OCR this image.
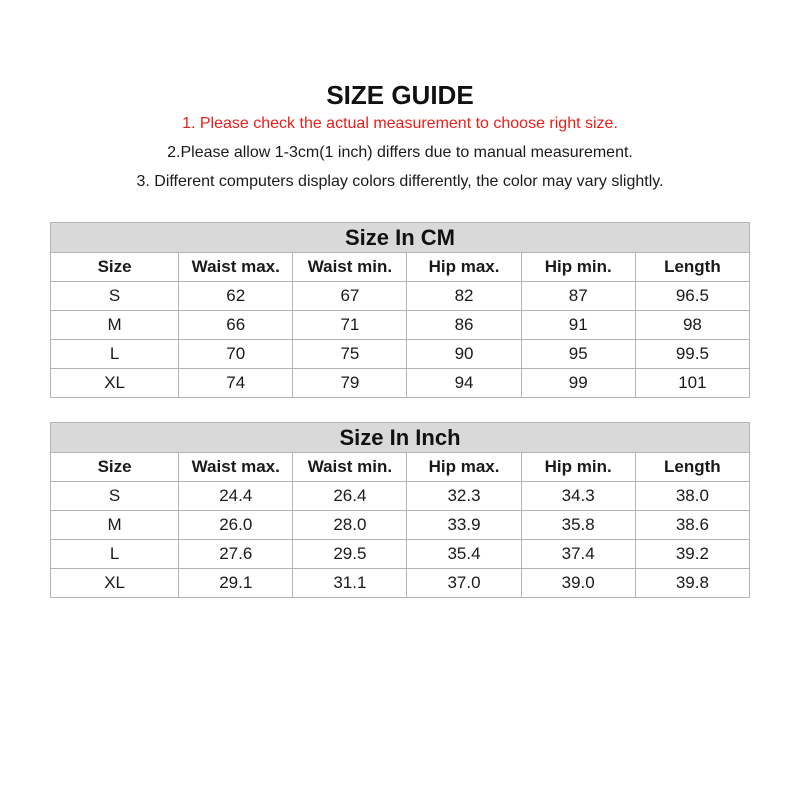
SIZE GUIDE
1. Please check the actual measurement to choose right size.
2.Please allow 1-3cm(1 inch) differs due to manual measurement.
3. Different computers display colors differently, the color may vary slightly.
Size In CM					
Size	Waist max.	Waist min.	Hip max.	Hip min.	Length
S	62	67	82	87	96.5
M	66	71	86	91	98
L	70	75	90	95	99.5
XL	74	79	94	99	101
Size In Inch					
Size	Waist max.	Waist min.	Hip max.	Hip min.	Length
S	24.4	26.4	32.3	34.3	38.0
M	26.0	28.0	33.9	35.8	38.6
L	27.6	29.5	35.4	37.4	39.2
XL	29.1	31.1	37.0	39.0	39.8
